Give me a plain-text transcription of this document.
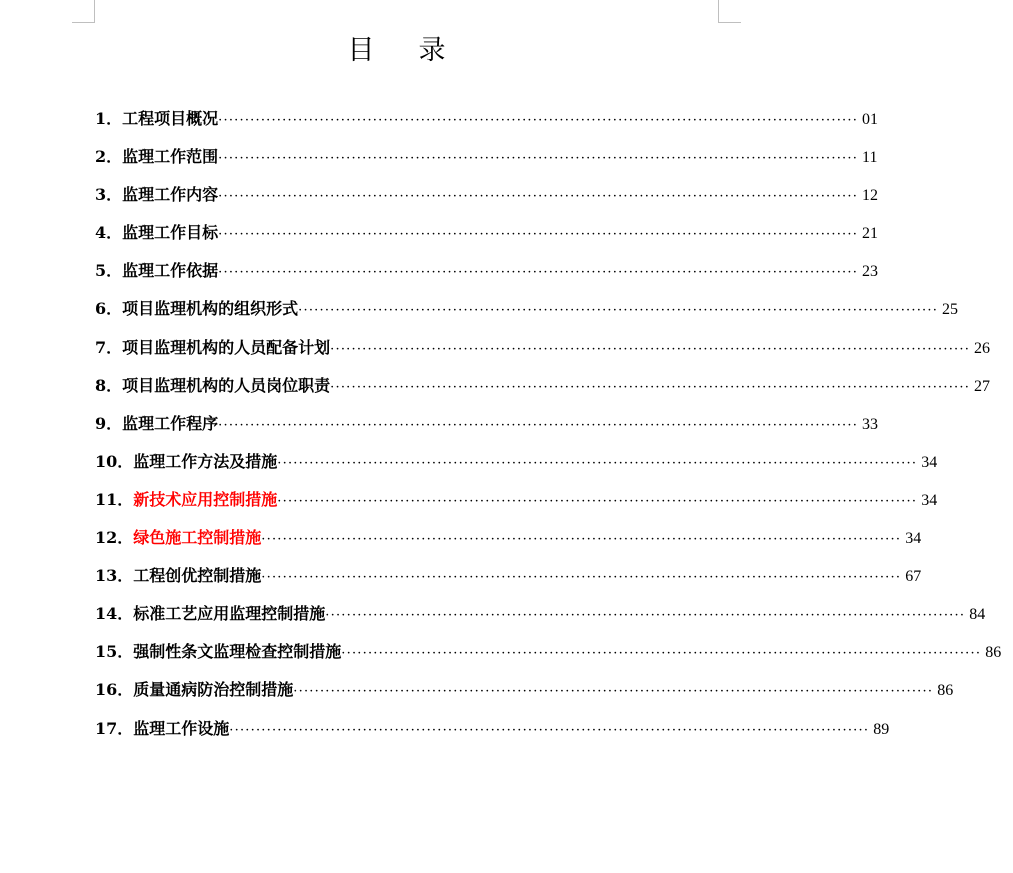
目 录
1． 工程项目概况 ························································································································ 01
2． 监理工作范围 ························································································································ 11
3． 监理工作内容 ························································································································ 12
4． 监理工作目标 ························································································································ 21
5． 监理工作依据 ························································································································ 23
6． 项目监理机构的组织形式 ························································································································ 25
7． 项目监理机构的人员配备计划 ························································································································ 26
8． 项目监理机构的人员岗位职责 ························································································································ 27
9． 监理工作程序 ························································································································ 33
10． 监理工作方法及措施 ························································································································ 34
11． 新技术应用控制措施 ························································································································ 34
12． 绿色施工控制措施 ························································································································ 34
13． 工程创优控制措施 ························································································································ 67
14． 标准工艺应用监理控制措施 ························································································································ 84
15． 强制性条文监理检查控制措施 ························································································································ 86
16． 质量通病防治控制措施 ························································································································ 86
17． 监理工作设施 ························································································································ 89
